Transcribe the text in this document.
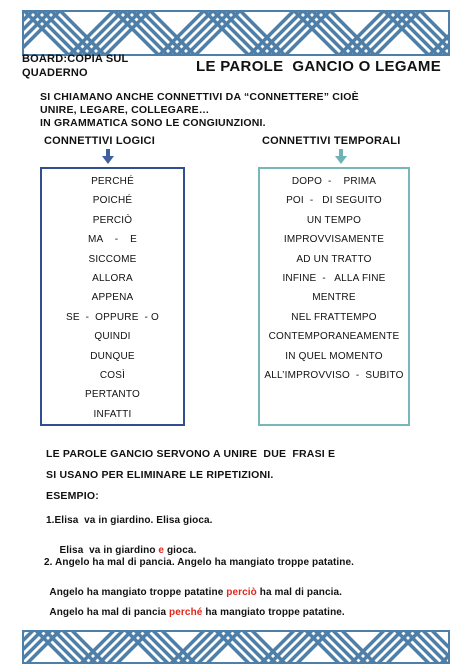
BOARD:COPIA SUL
QUADERNO	LE PAROLE  GANCIO O LEGAME
SI CHIAMANO ANCHE CONNETTIVI DA “CONNETTERE” CIOÈ
UNIRE, LEGARE, COLLEGARE…
IN GRAMMATICA SONO LE CONGIUNZIONI.
CONNETTIVI LOGICI	CONNETTIVI TEMPORALI
PERCHÉ
POICHÉ
PERCIÒ
MA    -    E
SICCOME
ALLORA
APPENA
SE  -  OPPURE  - O
QUINDI
DUNQUE
COSÌ
PERTANTO
INFATTI
DOPO  -    PRIMA
POI  -   DI SEGUITO
UN TEMPO
IMPROVVISAMENTE
AD UN TRATTO
INFINE  -   ALLA FINE
MENTRE
NEL FRATTEMPO
CONTEMPORANEAMENTE
IN QUEL MOMENTO
ALL’IMPROVVISO  -  SUBITO
LE PAROLE GANCIO SERVONO A UNIRE  DUE  FRASI E
SI USANO PER ELIMINARE LE RIPETIZIONI.
ESEMPIO:
1.Elisa  va in giardino. Elisa gioca.

Elisa  va in giardino e gioca.

2. Angelo ha mal di pancia. Angelo ha mangiato troppe patatine.

Angelo ha mangiato troppe patatine perciò ha mal di pancia.

Angelo ha mal di pancia perché ha mangiato troppe patatine.
